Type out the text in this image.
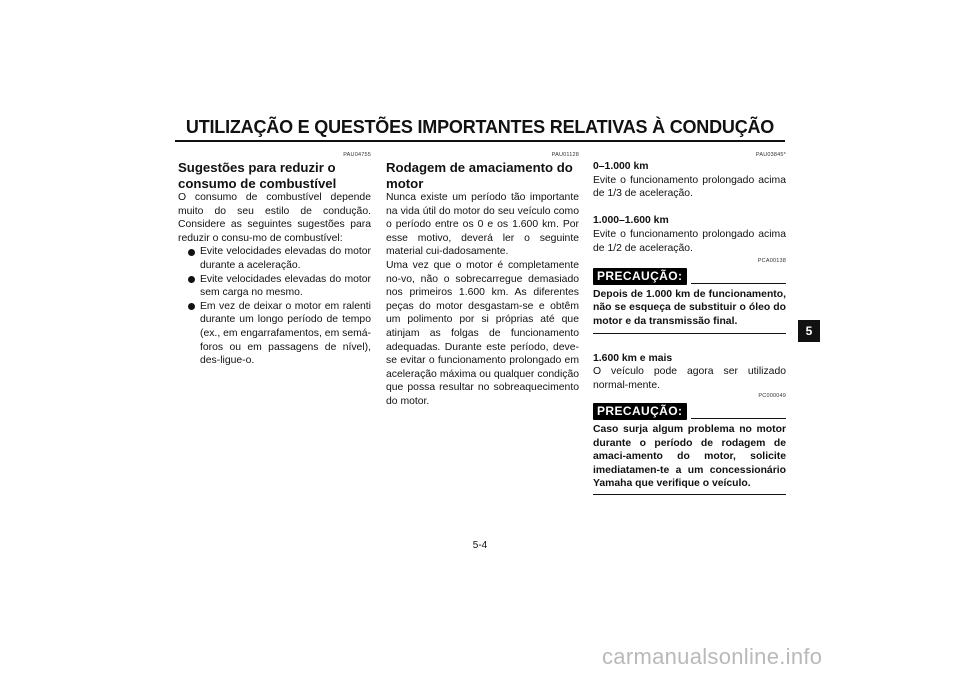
UTILIZAÇÃO E QUESTÕES IMPORTANTES RELATIVAS À CONDUÇÃO
PAU04755
Sugestões para reduzir o
consumo de combustível

O consumo de combustível depende muito do seu estilo de condução. Considere as seguintes sugestões para reduzir o consu-mo de combustível:

Evite velocidades elevadas do motor durante a aceleração.
Evite velocidades elevadas do motor sem carga no mesmo.
Em vez de deixar o motor em ralenti durante um longo período de tempo (ex., em engarrafamentos, em semá-foros ou em passagens de nível), des-ligue-o.
PAU01128
Rodagem de amaciamento do
motor

Nunca existe um período tão importante na vida útil do motor do seu veículo como o período entre os 0 e os 1.600 km. Por esse motivo, deverá ler o seguinte material cui-dadosamente.

Uma vez que o motor é completamente no-vo, não o sobrecarregue demasiado nos primeiros 1.600 km. As diferentes peças do motor desgastam-se e obtêm um polimento por si próprias até que atinjam as folgas de funcionamento adequadas. Durante este período, deve-se evitar o funcionamento prolongado em aceleração máxima ou qualquer condição que possa resultar no sobreaquecimento do motor.

PAU03845*

0–1.000 km

Evite o funcionamento prolongado acima de 1/3 de aceleração.

1.000–1.600 km

Evite o funcionamento prolongado acima de 1/2 de aceleração.

PCA00138
PRECAUÇÃO:

Depois de 1.000 km de funcionamento, não se esqueça de substituir o óleo do motor e da transmissão final.

1.600 km e mais

O veículo pode agora ser utilizado normal-mente.

PC000049
PRECAUÇÃO:

Caso surja algum problema no motor durante o período de rodagem de amaci-amento do motor, solicite imediatamen-te a um concessionário Yamaha que verifique o veículo.

5-4
5
carmanualsonline.info
